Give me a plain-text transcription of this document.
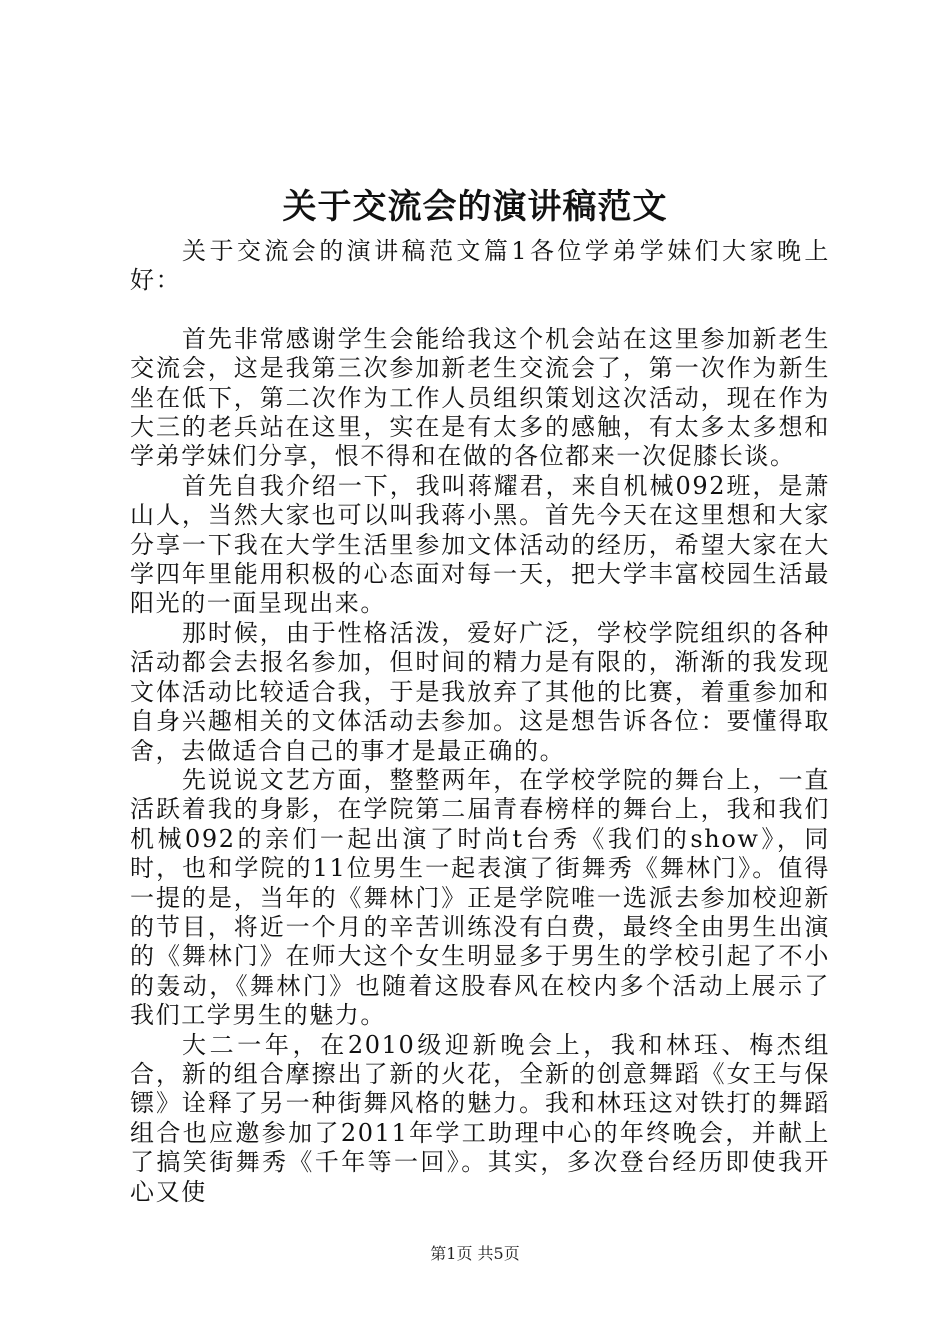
关于交流会的演讲稿范文

关于交流会的演讲稿范文篇1各位学弟学妹们大家晚上好：

首先非常感谢学生会能给我这个机会站在这里参加新老生交流会，这是我第三次参加新老生交流会了，第一次作为新生坐在低下，第二次作为工作人员组织策划这次活动，现在作为大三的老兵站在这里，实在是有太多的感触，有太多太多想和学弟学妹们分享，恨不得和在做的各位都来一次促膝长谈。

首先自我介绍一下，我叫蒋耀君，来自机械092班，是萧山人，当然大家也可以叫我蒋小黑。首先今天在这里想和大家分享一下我在大学生活里参加文体活动的经历，希望大家在大学四年里能用积极的心态面对每一天，把大学丰富校园生活最阳光的一面呈现出来。

那时候，由于性格活泼，爱好广泛，学校学院组织的各种活动都会去报名参加，但时间的精力是有限的，渐渐的我发现文体活动比较适合我，于是我放弃了其他的比赛，着重参加和自身兴趣相关的文体活动去参加。这是想告诉各位：要懂得取舍，去做适合自己的事才是最正确的。

先说说文艺方面，整整两年，在学校学院的舞台上，一直活跃着我的身影，在学院第二届青春榜样的舞台上，我和我们机械092的亲们一起出演了时尚t台秀《我们的show》，同时，也和学院的11位男生一起表演了街舞秀《舞林门》。值得一提的是，当年的《舞林门》正是学院唯一选派去参加校迎新的节目，将近一个月的辛苦训练没有白费，最终全由男生出演的《舞林门》在师大这个女生明显多于男生的学校引起了不小的轰动，《舞林门》也随着这股春风在校内多个活动上展示了我们工学男生的魅力。

大二一年，在2010级迎新晚会上，我和林珏、梅杰组合，新的组合摩擦出了新的火花，全新的创意舞蹈《女王与保镖》诠释了另一种街舞风格的魅力。我和林珏这对铁打的舞蹈组合也应邀参加了2011年学工助理中心的年终晚会，并献上了搞笑街舞秀《千年等一回》。其实，多次登台经历即使我开心又使

第1页 共5页
